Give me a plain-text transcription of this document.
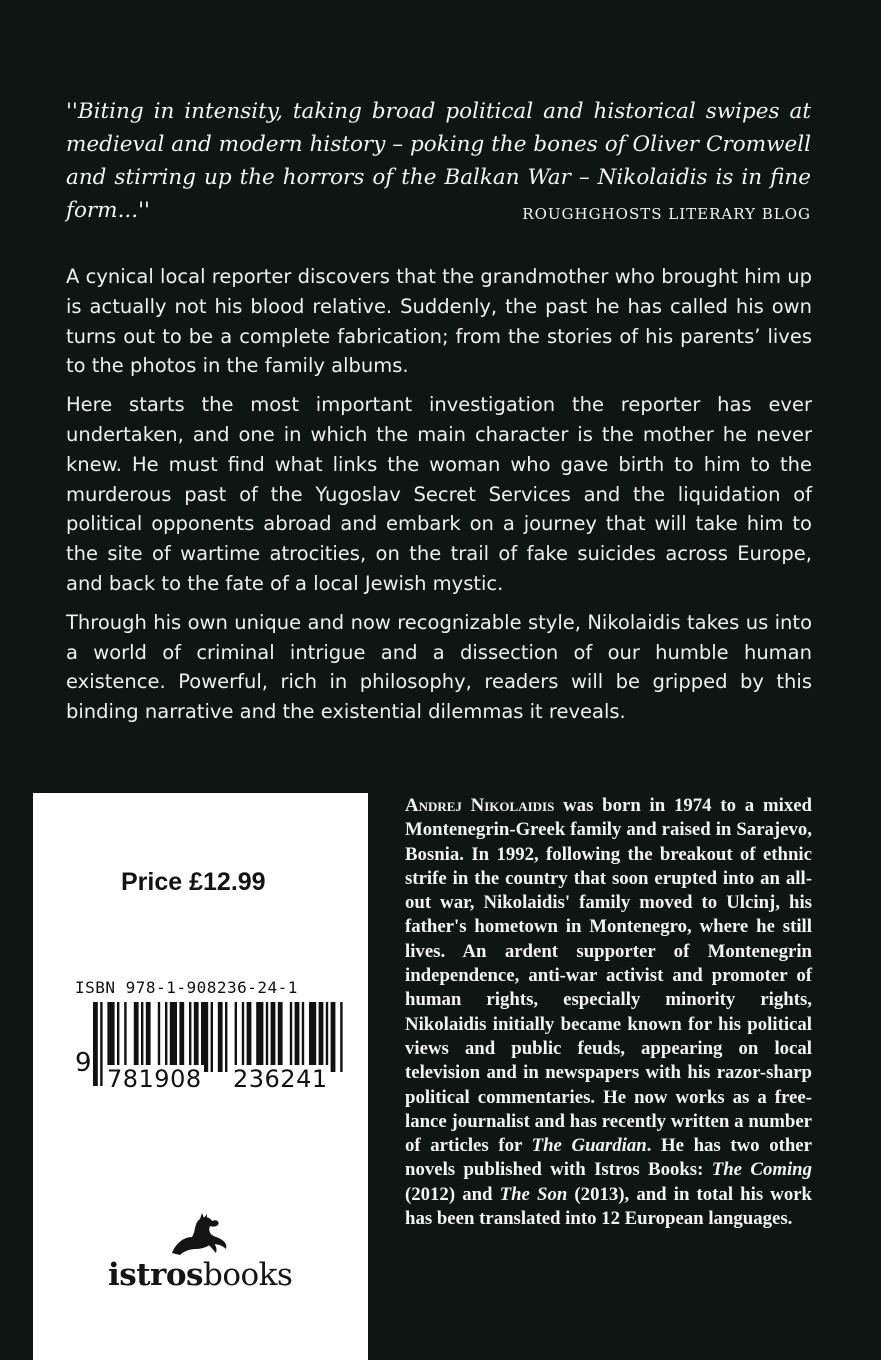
''Biting in intensity, taking broad political and historical swipes at medieval and modern history – poking the bones of Oliver Cromwell and stirring up the horrors of the Balkan War – Nikolaidis is in fine form...''	ROUGHGHOSTS LITERARY BLOG

A cynical local reporter discovers that the grandmother who brought him up is actually not his blood relative. Suddenly, the past he has called his own turns out to be a complete fabrication; from the stories of his parents’ lives to the photos in the family albums.

Here starts the most important investigation the reporter has ever undertaken, and one in which the main character is the mother he never knew. He must find what links the woman who gave birth to him to the murderous past of the Yugoslav Secret Services and the liquidation of political opponents abroad and embark on a journey that will take him to the site of wartime atrocities, on the trail of fake suicides across Europe, and back to the fate of a local Jewish mystic.

Through his own unique and now recognizable style, Nikolaidis takes us into a world of criminal intrigue and a dissection of our humble human existence. Powerful, rich in philosophy, readers will be gripped by this binding narrative and the existential dilemmas it reveals.

Price £12.99
ISBN 978-1-908236-24-1
9
781908 236241
istrosbooks

Andrej Nikolaidis was born in 1974 to a mixed Montenegrin-Greek family and raised in Sarajevo, Bosnia. In 1992, following the breakout of ethnic strife in the country that soon erupted into an all-out war, Nikolaidis' family moved to Ulcinj, his father's hometown in Montenegro, where he still lives. An ardent supporter of Montenegrin independence, anti-war activist and promoter of human rights, especially minority rights, Nikolaidis initially became known for his political views and public feuds, appearing on local television and in newspapers with his razor-sharp political commentaries. He now works as a free-lance journalist and has recently written a number of articles for The Guardian. He has two other novels published with Istros Books: The Coming (2012) and The Son (2013), and in total his work has been translated into 12 European languages.
